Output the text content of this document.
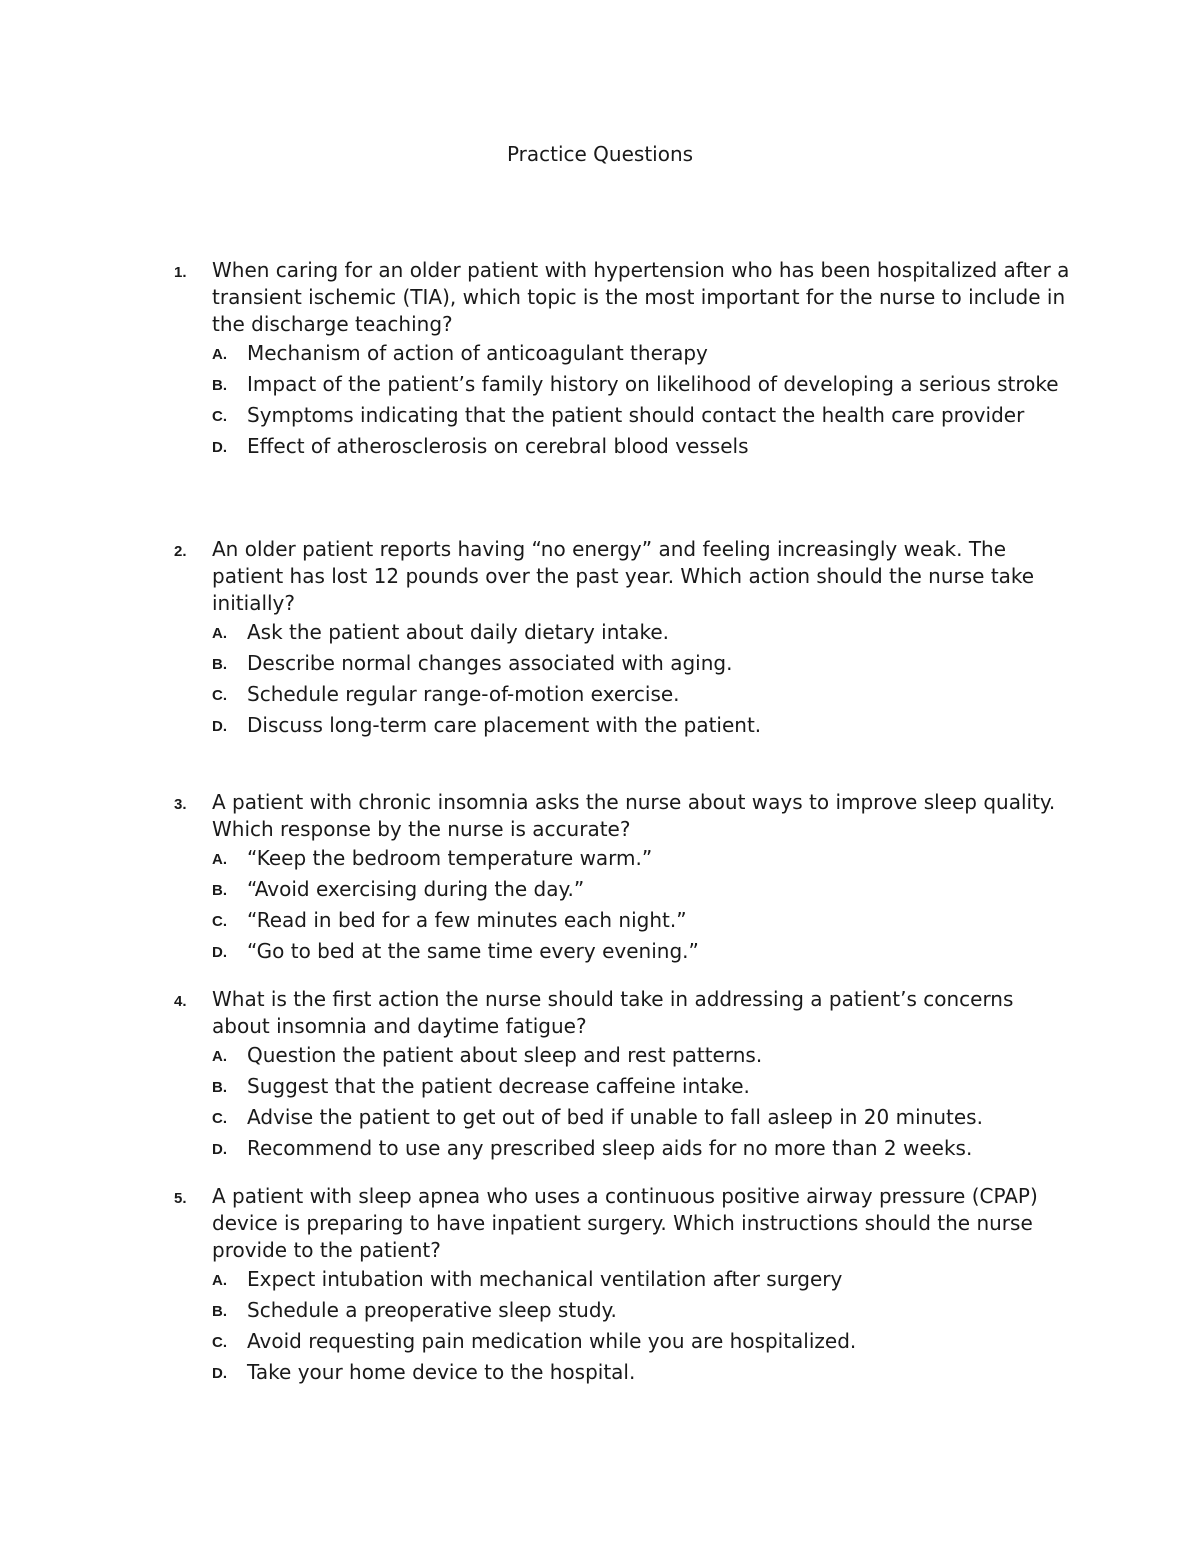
Practice Questions
1.	When caring for an older patient with hypertension who has been hospitalized after a transient ischemic (TIA), which topic is the most important for the nurse to include in the discharge teaching?
A.	Mechanism of action of anticoagulant therapy
B.	Impact of the patient’s family history on likelihood of developing a serious stroke
C.	Symptoms indicating that the patient should contact the health care provider
D.	Effect of atherosclerosis on cerebral blood vessels
2.	An older patient reports having “no energy” and feeling increasingly weak. The patient has lost 12 pounds over the past year. Which action should the nurse take initially?
A.	Ask the patient about daily dietary intake.
B.	Describe normal changes associated with aging.
C.	Schedule regular range-of-motion exercise.
D.	Discuss long-term care placement with the patient.
3.	A patient with chronic insomnia asks the nurse about ways to improve sleep quality. Which response by the nurse is accurate?
A.	“Keep the bedroom temperature warm.”
B.	“Avoid exercising during the day.”
C.	“Read in bed for a few minutes each night.”
D.	“Go to bed at the same time every evening.”
4.	What is the first action the nurse should take in addressing a patient’s concerns about insomnia and daytime fatigue?
A.	Question the patient about sleep and rest patterns.
B.	Suggest that the patient decrease caffeine intake.
C.	Advise the patient to get out of bed if unable to fall asleep in 20 minutes.
D.	Recommend to use any prescribed sleep aids for no more than 2 weeks.
5.	A patient with sleep apnea who uses a continuous positive airway pressure (CPAP) device is preparing to have inpatient surgery. Which instructions should the nurse provide to the patient?
A.	Expect intubation with mechanical ventilation after surgery
B.	Schedule a preoperative sleep study.
C.	Avoid requesting pain medication while you are hospitalized.
D.	Take your home device to the hospital.
